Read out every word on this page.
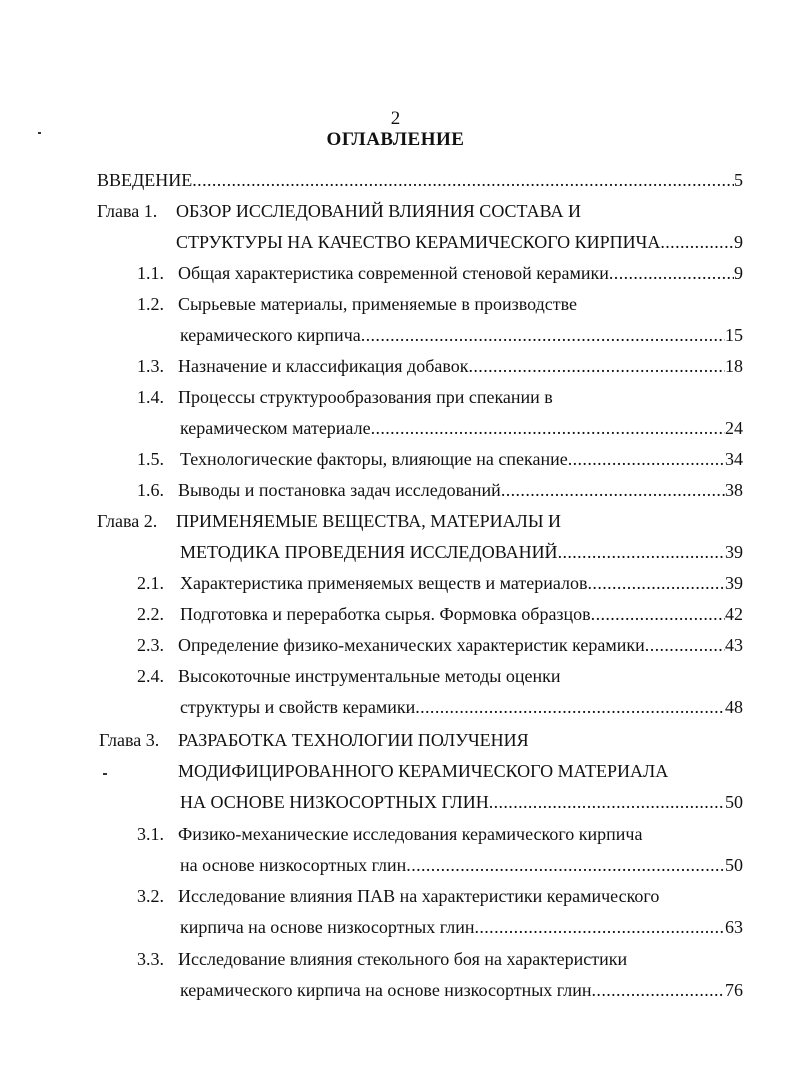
2
ОГЛАВЛЕНИЕ
ВВЕДЕНИЕ .....	5
Глава 1. ОБЗОР ИССЛЕДОВАНИЙ ВЛИЯНИЯ СОСТАВА И
СТРУКТУРЫ НА КАЧЕСТВО КЕРАМИЧЕСКОГО КИРПИЧА .....	9
1.1. Общая характеристика современной стеновой керамики .....	9
1.2. Сырьевые материалы, применяемые в производстве
керамического кирпича .....	15
1.3. Назначение и классификация добавок .....	18
1.4. Процессы структурообразования при спекании в
керамическом материале .....	24
1.5. Технологические факторы, влияющие на спекание .....	34
1.6. Выводы и постановка задач исследований .....	38
Глава 2. ПРИМЕНЯЕМЫЕ ВЕЩЕСТВА, МАТЕРИАЛЫ И
МЕТОДИКА ПРОВЕДЕНИЯ ИССЛЕДОВАНИЙ .....	39
2.1. Характеристика применяемых веществ и материалов .....	39
2.2. Подготовка и переработка сырья. Формовка образцов .....	42
2.3. Определение физико-механических характеристик керамики .....	43
2.4. Высокоточные инструментальные методы оценки
структуры и свойств керамики .....	48
Глава 3. РАЗРАБОТКА ТЕХНОЛОГИИ ПОЛУЧЕНИЯ
МОДИФИЦИРОВАННОГО КЕРАМИЧЕСКОГО МАТЕРИАЛА
НА ОСНОВЕ НИЗКОСОРТНЫХ ГЛИН .....	50
3.1. Физико-механические исследования керамического кирпича
на основе низкосортных глин .....	50
3.2. Исследование влияния ПАВ на характеристики керамического
кирпича на основе низкосортных глин .....	63
3.3. Исследование влияния стекольного боя на характеристики
керамического кирпича на основе низкосортных глин .....	76
